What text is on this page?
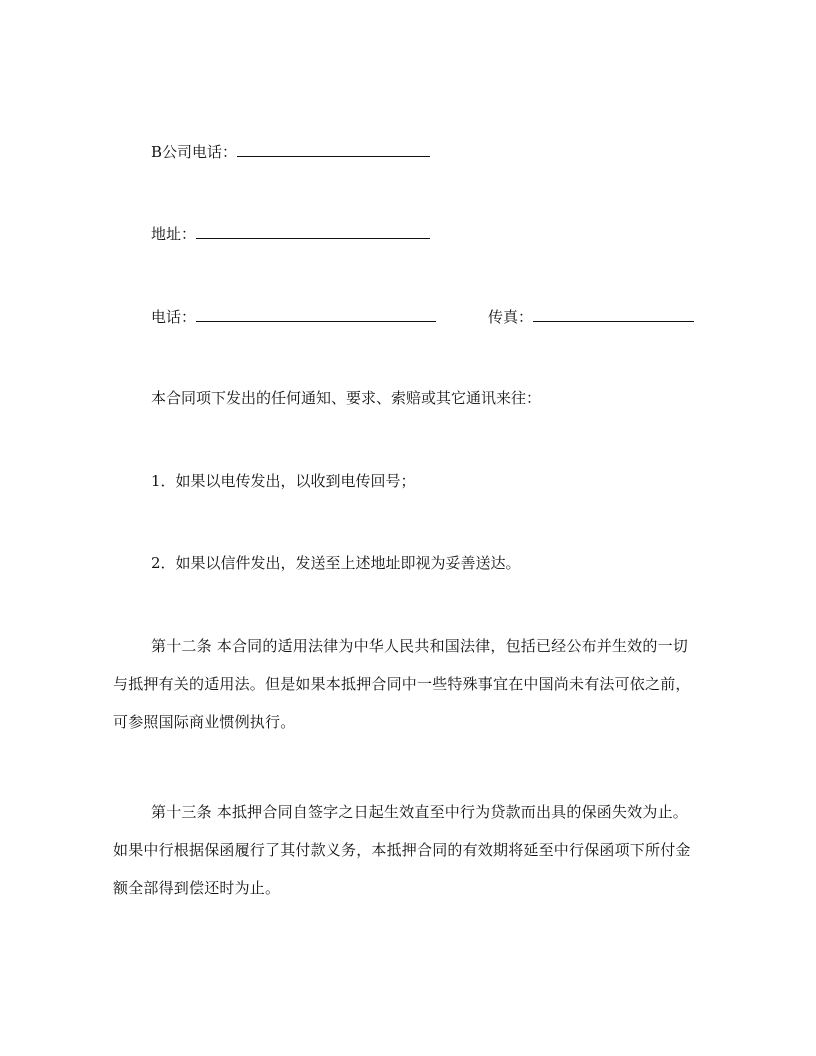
B公司电话：
地址：
电话：	传真：
本合同项下发出的任何通知、要求、索赔或其它通讯来往：
1．如果以电传发出，以收到电传回号；
2．如果以信件发出，发送至上述地址即视为妥善送达。

第十二条 本合同的适用法律为中华人民共和国法律，包括已经公布并生效的一切与抵押有关的适用法。但是如果本抵押合同中一些特殊事宜在中国尚未有法可依之前，可参照国际商业惯例执行。

第十三条 本抵押合同自签字之日起生效直至中行为贷款而出具的保函失效为止。如果中行根据保函履行了其付款义务，本抵押合同的有效期将延至中行保函项下所付金额全部得到偿还时为止。
